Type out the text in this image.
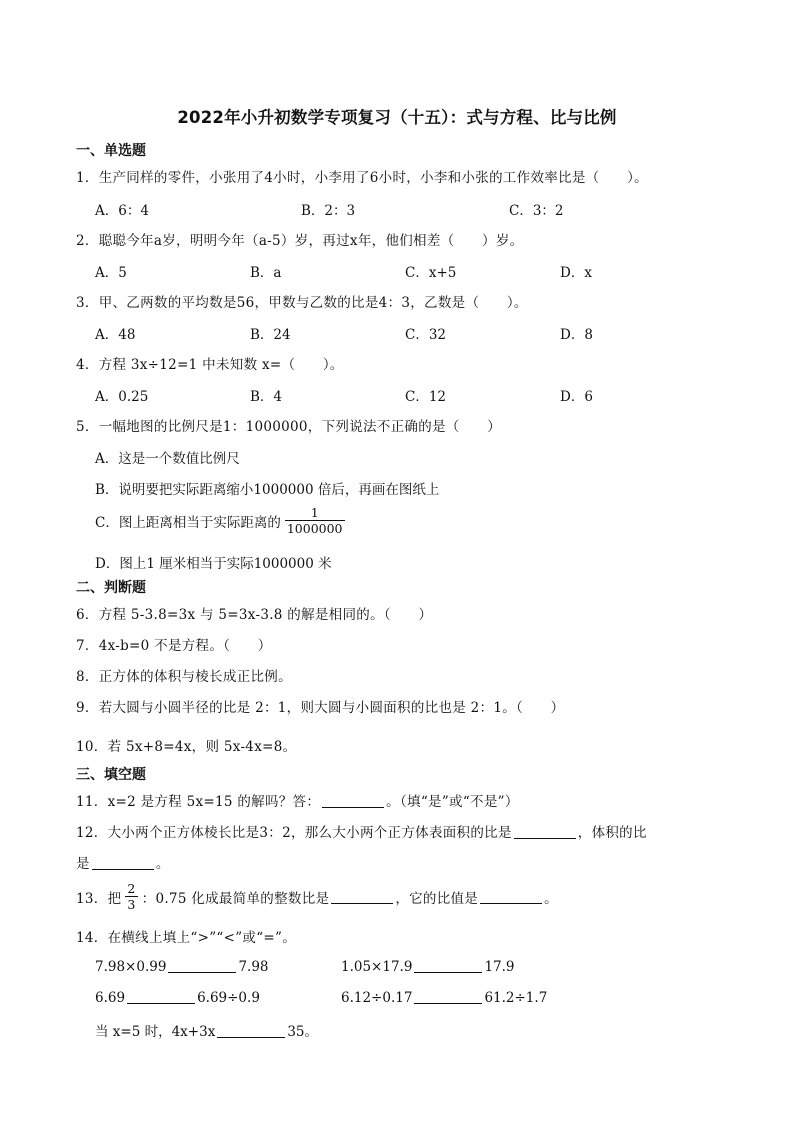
2022年小升初数学专项复习（十五）：式与方程、比与比例
一、单选题
1．生产同样的零件，小张用了4小时，小李用了6小时，小李和小张的工作效率比是（　　）。
A．6：4	B．2：3	C．3：2
2．聪聪今年a岁，明明今年（a-5）岁，再过x年，他们相差（　　）岁。
A．5	B．a	C．x+5	D．x
3．甲、乙两数的平均数是56，甲数与乙数的比是4：3，乙数是（　　）。
A．48	B．24	C．32	D．8
4．方程 3x÷12=1 中未知数 x=（　　）。
A．0.25	B．4	C．12	D．6
5．一幅地图的比例尺是1：1000000，下列说法不正确的是（　　）
A．这是一个数值比例尺
B．说明要把实际距离缩小1000000 倍后，再画在图纸上
C．图上距离相当于实际距离的 $\frac{1}{1000000}$
D．图上1 厘米相当于实际1000000 米
二、判断题
6．方程 5-3.8=3x 与 5=3x-3.8 的解是相同的。（　　）
7．4x-b=0 不是方程。（　　）
8．正方体的体积与棱长成正比例。
9．若大圆与小圆半径的比是 2：1，则大圆与小圆面积的比也是 2：1。（　　）
10．若 5x+8=4x，则 5x-4x=8。
三、填空题
11．x=2 是方程 5x=15 的解吗？答：	。（填“是”或“不是”）
12．大小两个正方体棱长比是3：2，那么大小两个正方体表面积的比是	，体积的比
是	。
13．把 $\frac{2}{3}$ ：0.75 化成最简单的整数比是	，它的比值是	。
14．在横线上填上“>”“<”或“=”。
7.98×0.99	7.98	1.05×17.9	17.9
6.69	6.69÷0.9	6.12÷0.17	61.2÷1.7
当 x=5 时，4x+3x	35。
